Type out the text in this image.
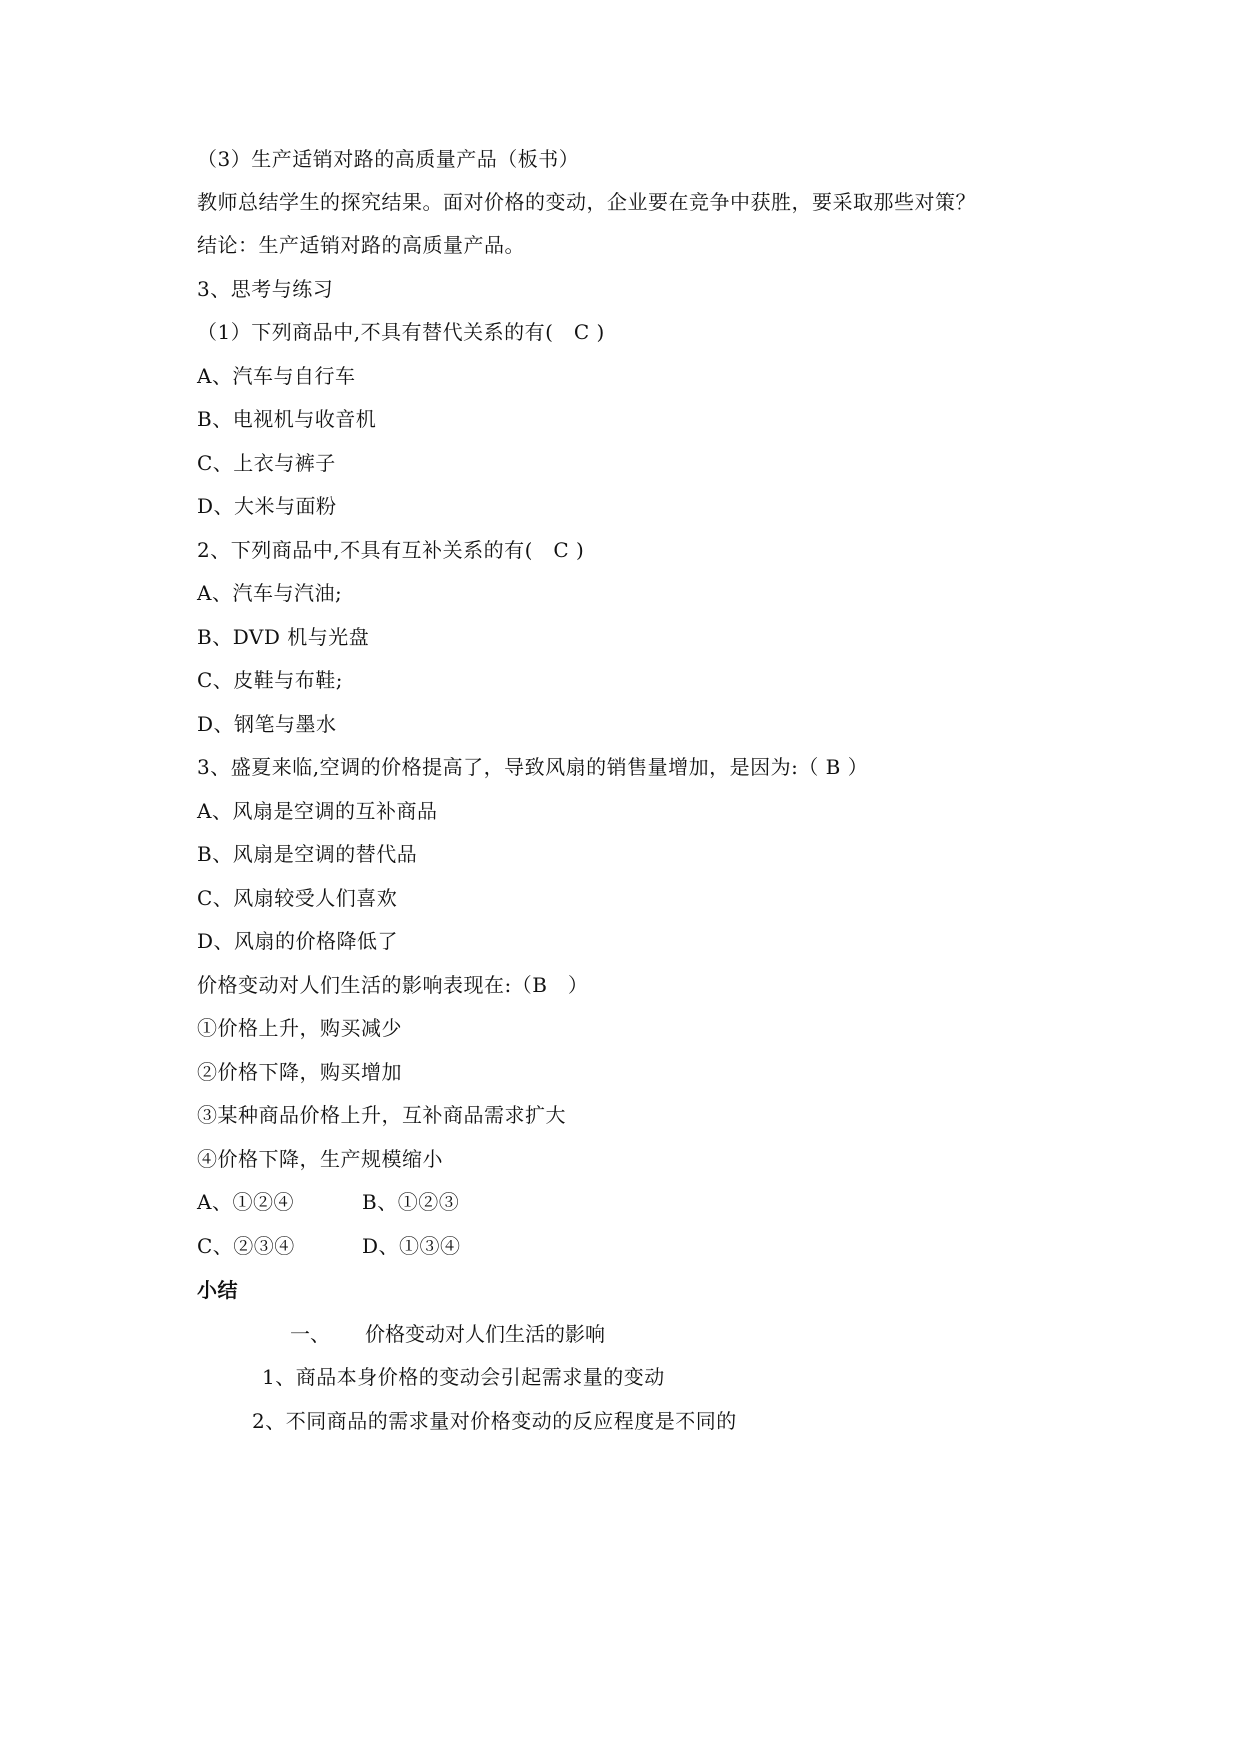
（3）生产适销对路的高质量产品（板书）
教师总结学生的探究结果。面对价格的变动，企业要在竞争中获胜，要采取那些对策？
结论：生产适销对路的高质量产品。
3、思考与练习
（1）下列商品中,不具有替代关系的有(　C )
A、汽车与自行车
B、电视机与收音机
C、上衣与裤子
D、大米与面粉
2、下列商品中,不具有互补关系的有(　C )
A、汽车与汽油;
B、DVD 机与光盘
C、皮鞋与布鞋;
D、钢笔与墨水
3、盛夏来临,空调的价格提高了，导致风扇的销售量增加，是因为:（ B ）
A、风扇是空调的互补商品
B、风扇是空调的替代品
C、风扇较受人们喜欢
D、风扇的价格降低了
价格变动对人们生活的影响表现在:（B　）
①价格上升，购买减少
②价格下降，购买增加
③某种商品价格上升，互补商品需求扩大
④价格下降，生产规模缩小
A、①②④	B、①②③
C、②③④	D、①③④
小结
一、 价格变动对人们生活的影响
1、商品本身价格的变动会引起需求量的变动
2、不同商品的需求量对价格变动的反应程度是不同的
